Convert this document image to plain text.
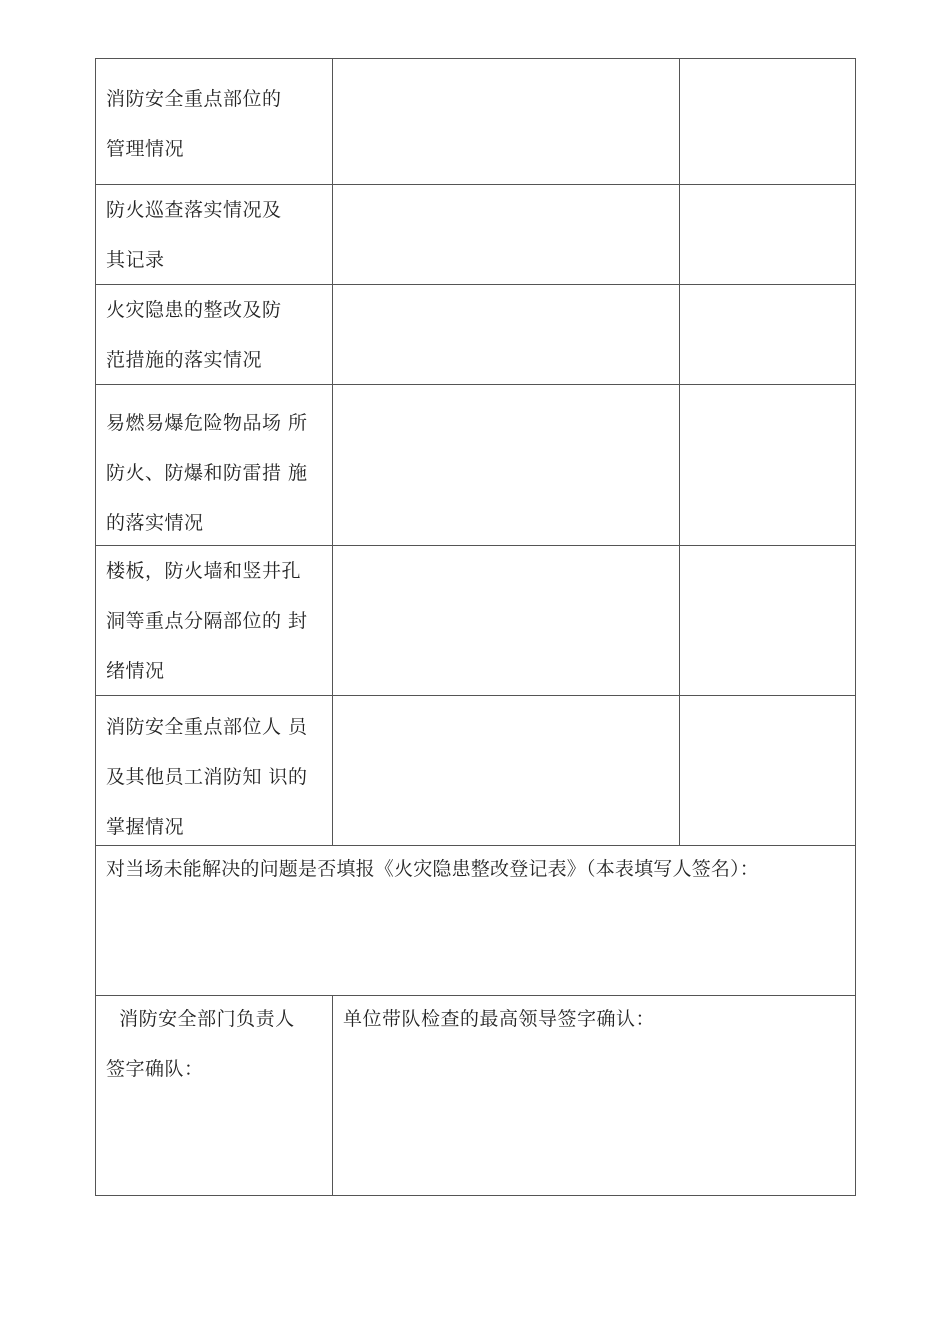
消防安全重点部位的
管理情况
防火巡查落实情况及
其记录
火灾隐患的整改及防
范措施的落实情况
易燃易爆危险物品场 所
防火、防爆和防雷措 施
的落实情况
楼板，防火墙和竖井孔
洞等重点分隔部位的 封
绪情况
消防安全重点部位人 员
及其他员工消防知 识的
掌握情况
对当场未能解决的问题是否填报《火灾隐患整改登记表》（本表填写人签名）：
消防安全部门负责人
签字确队：
单位带队检查的最高领导签字确认：
